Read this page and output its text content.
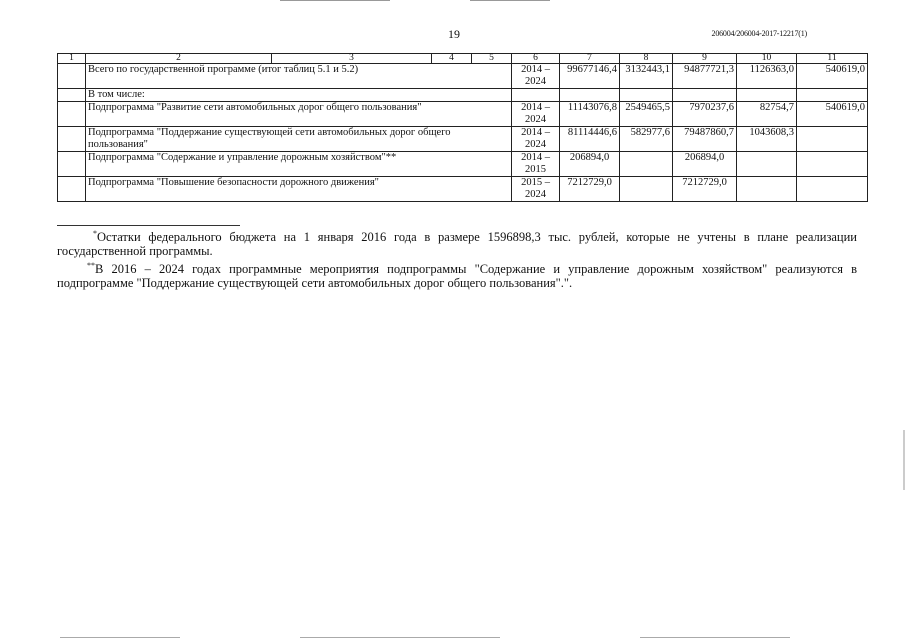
19	206004/206004-2017-12217(1)
1	2	3	4	5	6	7	8	9	10	11
	Всего по государственной программе (итог таблиц 5.1 и 5.2)				2014 –
2024	99677146,4	3132443,1	94877721,3	1126363,0	540619,0
	В том числе:									
	Подпрограмма "Развитие сети автомобильных дорог общего пользования"				2014 –
2024	11143076,8	2549465,5	7970237,6	82754,7	540619,0
	Подпрограмма "Поддержание существующей сети автомобильных дорог общего пользования"				2014 –
2024	81114446,6	582977,6	79487860,7	1043608,3	
	Подпрограмма "Содержание и управление дорожным хозяйством"**				2014 –
2015	206894,0		206894,0		
	Подпрограмма "Повышение безопасности дорожного движения"				2015 –
2024	7212729,0		7212729,0		

*Остатки федерального бюджета на 1 января 2016 года в размере 1596898,3 тыс. рублей, которые не учтены в плане реализации государственной программы.

**В 2016 – 2024 годах программные мероприятия подпрограммы "Содержание и управление дорожным хозяйством" реализуются в подпрограмме "Поддержание существующей сети автомобильных дорог общего пользования".".
